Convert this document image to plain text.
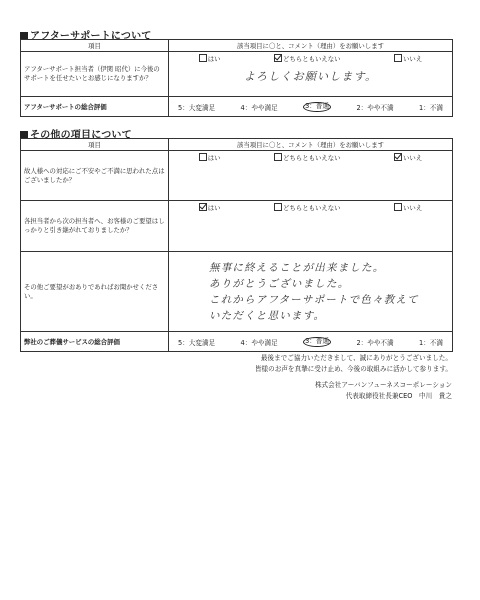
アフターサポートについて
項目	該当項目に〇と、コメント（理由）をお願いします
アフターサポート担当者（伊関 昭代）に今後のサポートを任せたいとお感じになりますか？	はい どちらともいえない いいえ
よろしくお願いします。

アフターサポートの総合評価	5：大変満足 4：やや満足 3：普通 2：やや不満 1：不満
その他の項目について
項目	該当項目に〇と、コメント（理由）をお願いします
故人様への対応にご不安やご不満に思われた点はございましたか？	はい どちらともいえない いいえ

各担当者から次の担当者へ、お客様のご要望はしっかりと引き継がれておりましたか？	はい どちらともいえない いいえ

その他ご要望がおありであればお聞かせください。	無事に終えることが出来ました。
ありがとうございました。
これからアフターサポートで色々教えて
いただくと思います。

弊社のご葬儀サービスの総合評価	5：大変満足 4：やや満足 3：普通 2：やや不満 1：不満
最後までご協力いただきまして、誠にありがとうございました。
皆様のお声を真摯に受け止め、今後の取組みに活かして参ります。
株式会社アーバンフューネスコーポレーション
代表取締役社長兼CEO　中川　貴之
